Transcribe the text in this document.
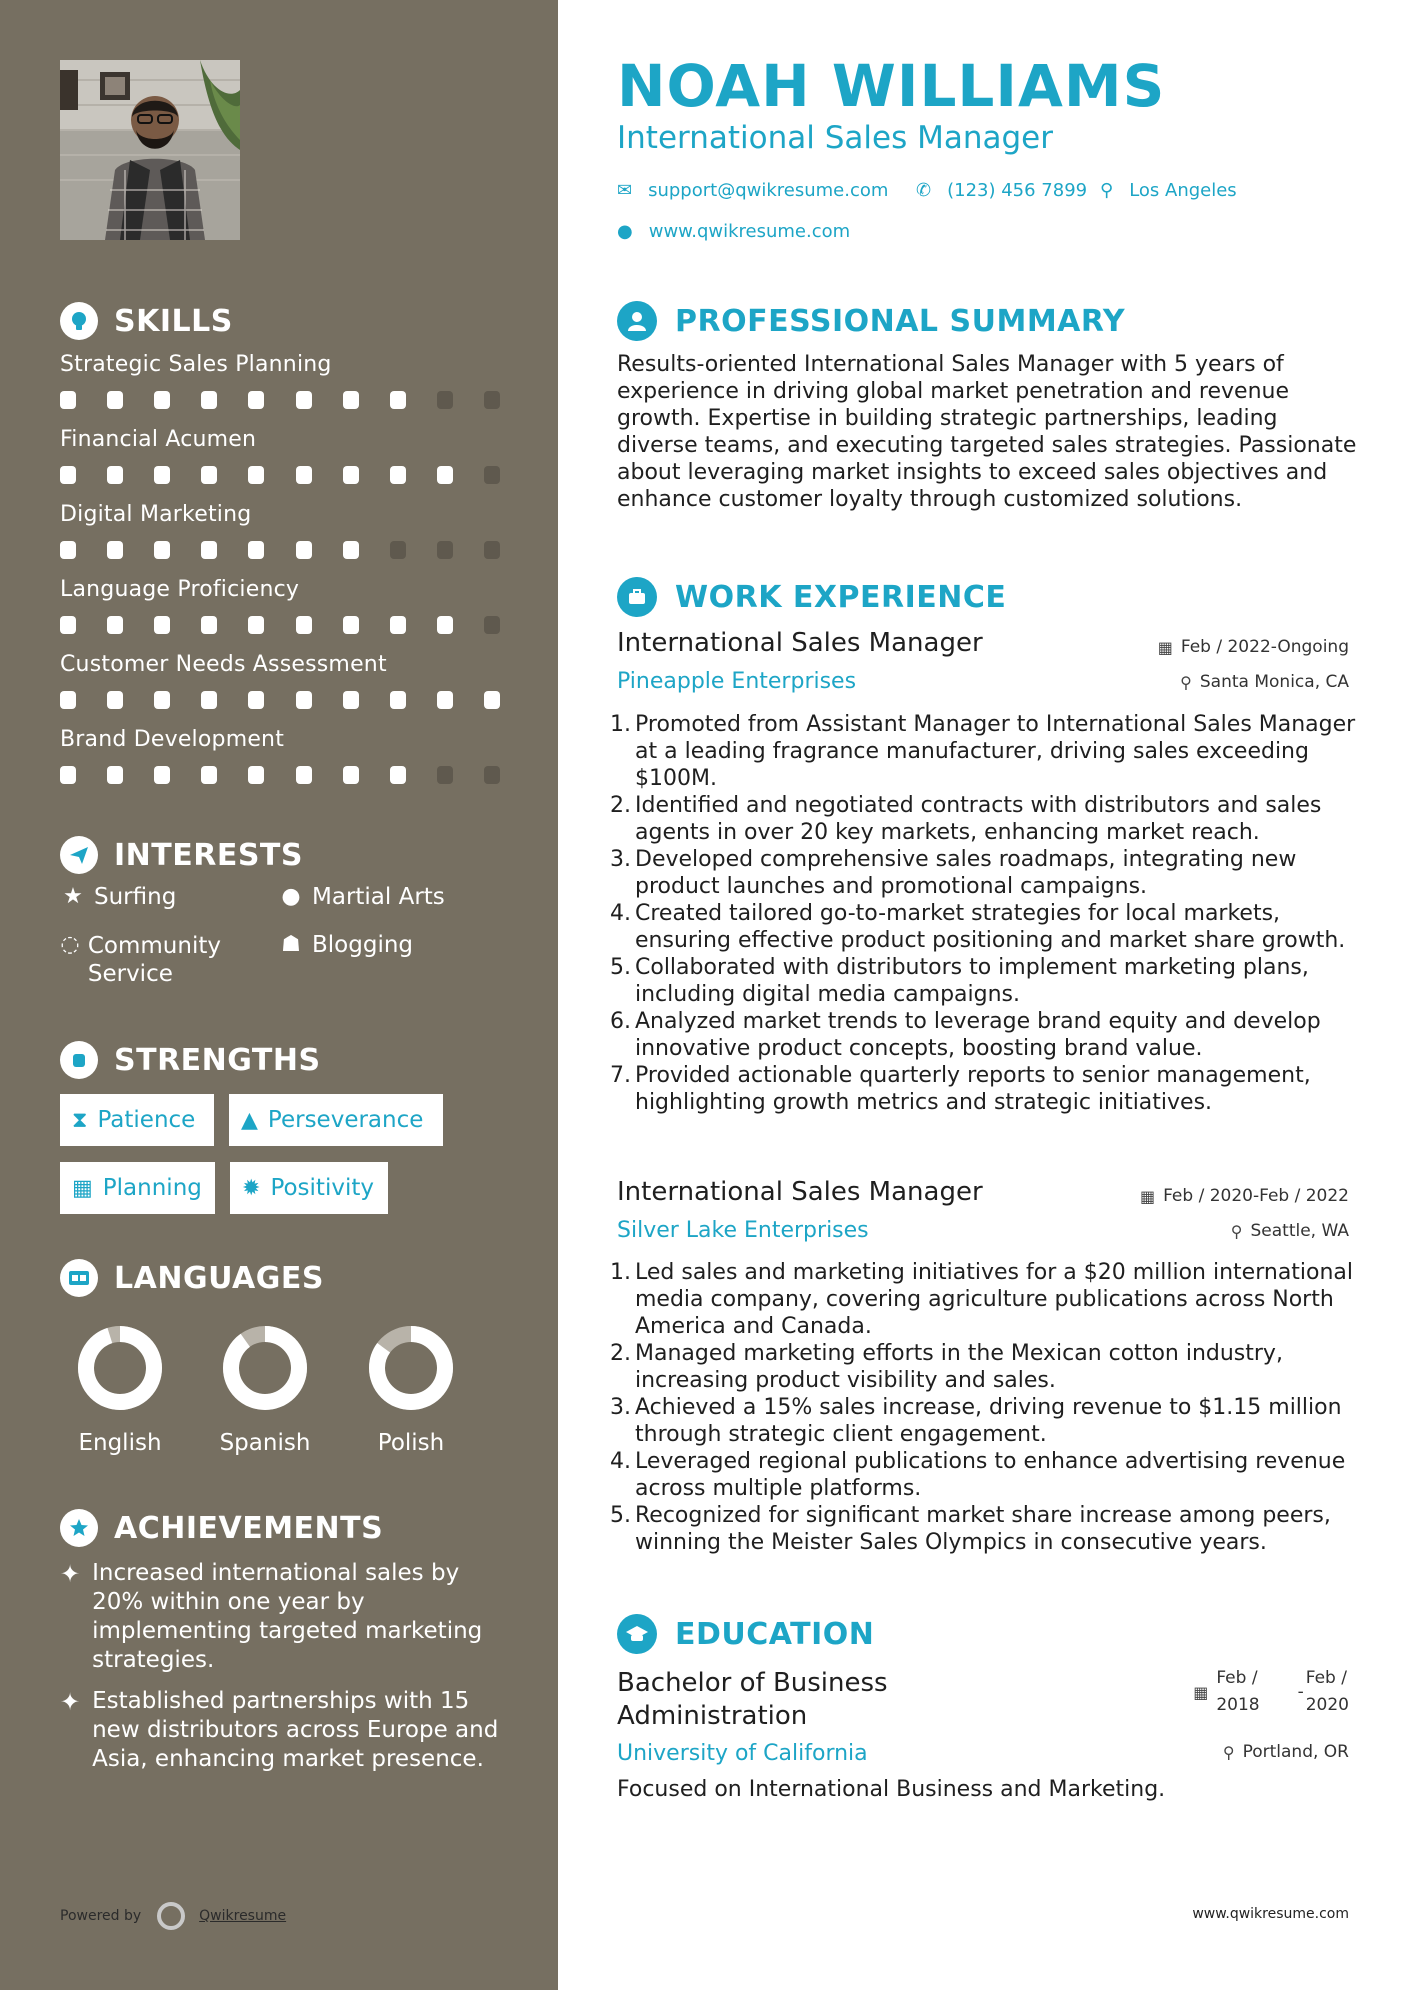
SKILLS
Strategic Sales Planning
Financial Acumen
Digital Marketing
Language Proficiency
Customer Needs Assessment
Brand Development
INTERESTS
★ Surfing	● Martial Arts
◌ Community Service
☗ Blogging
STRENGTHS
⧗ Patience ▲ Perseverance
▦ Planning ✹ Positivity
LANGUAGES
English	Spanish	Polish
ACHIEVEMENTS
✦ Increased international sales by 20% within one year by implementing targeted marketing strategies.
✦ Established partnerships with 15 new distributors across Europe and Asia, enhancing market presence.
Powered by	Qwikresume
NOAH WILLIAMS
International Sales Manager
✉ support@qwikresume.com ✆ (123) 456 7899 ⚲ Los Angeles
● www.qwikresume.com
PROFESSIONAL SUMMARY
Results-oriented International Sales Manager with 5 years of experience in driving global market penetration and revenue growth. Expertise in building strategic partnerships, leading diverse teams, and executing targeted sales strategies. Passionate about leveraging market insights to exceed sales objectives and enhance customer loyalty through customized solutions.
WORK EXPERIENCE
International Sales Manager
Pineapple Enterprises
▦ Feb / 2022-Ongoing
⚲ Santa Monica, CA
1. Promoted from Assistant Manager to International Sales Manager at a leading fragrance manufacturer, driving sales exceeding $100M.
2. Identified and negotiated contracts with distributors and sales agents in over 20 key markets, enhancing market reach.
3. Developed comprehensive sales roadmaps, integrating new product launches and promotional campaigns.
4. Created tailored go-to-market strategies for local markets, ensuring effective product positioning and market share growth.
5. Collaborated with distributors to implement marketing plans, including digital media campaigns.
6. Analyzed market trends to leverage brand equity and develop innovative product concepts, boosting brand value.
7. Provided actionable quarterly reports to senior management, highlighting growth metrics and strategic initiatives.
International Sales Manager
Silver Lake Enterprises
▦ Feb / 2020-Feb / 2022
⚲ Seattle, WA
1. Led sales and marketing initiatives for a $20 million international media company, covering agriculture publications across North America and Canada.
2. Managed marketing efforts in the Mexican cotton industry, increasing product visibility and sales.
3. Achieved a 15% sales increase, driving revenue to $1.15 million through strategic client engagement.
4. Leveraged regional publications to enhance advertising revenue across multiple platforms.
5. Recognized for significant market share increase among peers, winning the Meister Sales Olympics in consecutive years.
EDUCATION
Bachelor of Business
Administration
University of California
▦
Feb /
2018
-
Feb /
2020
⚲ Portland, OR
Focused on International Business and Marketing.
www.qwikresume.com
